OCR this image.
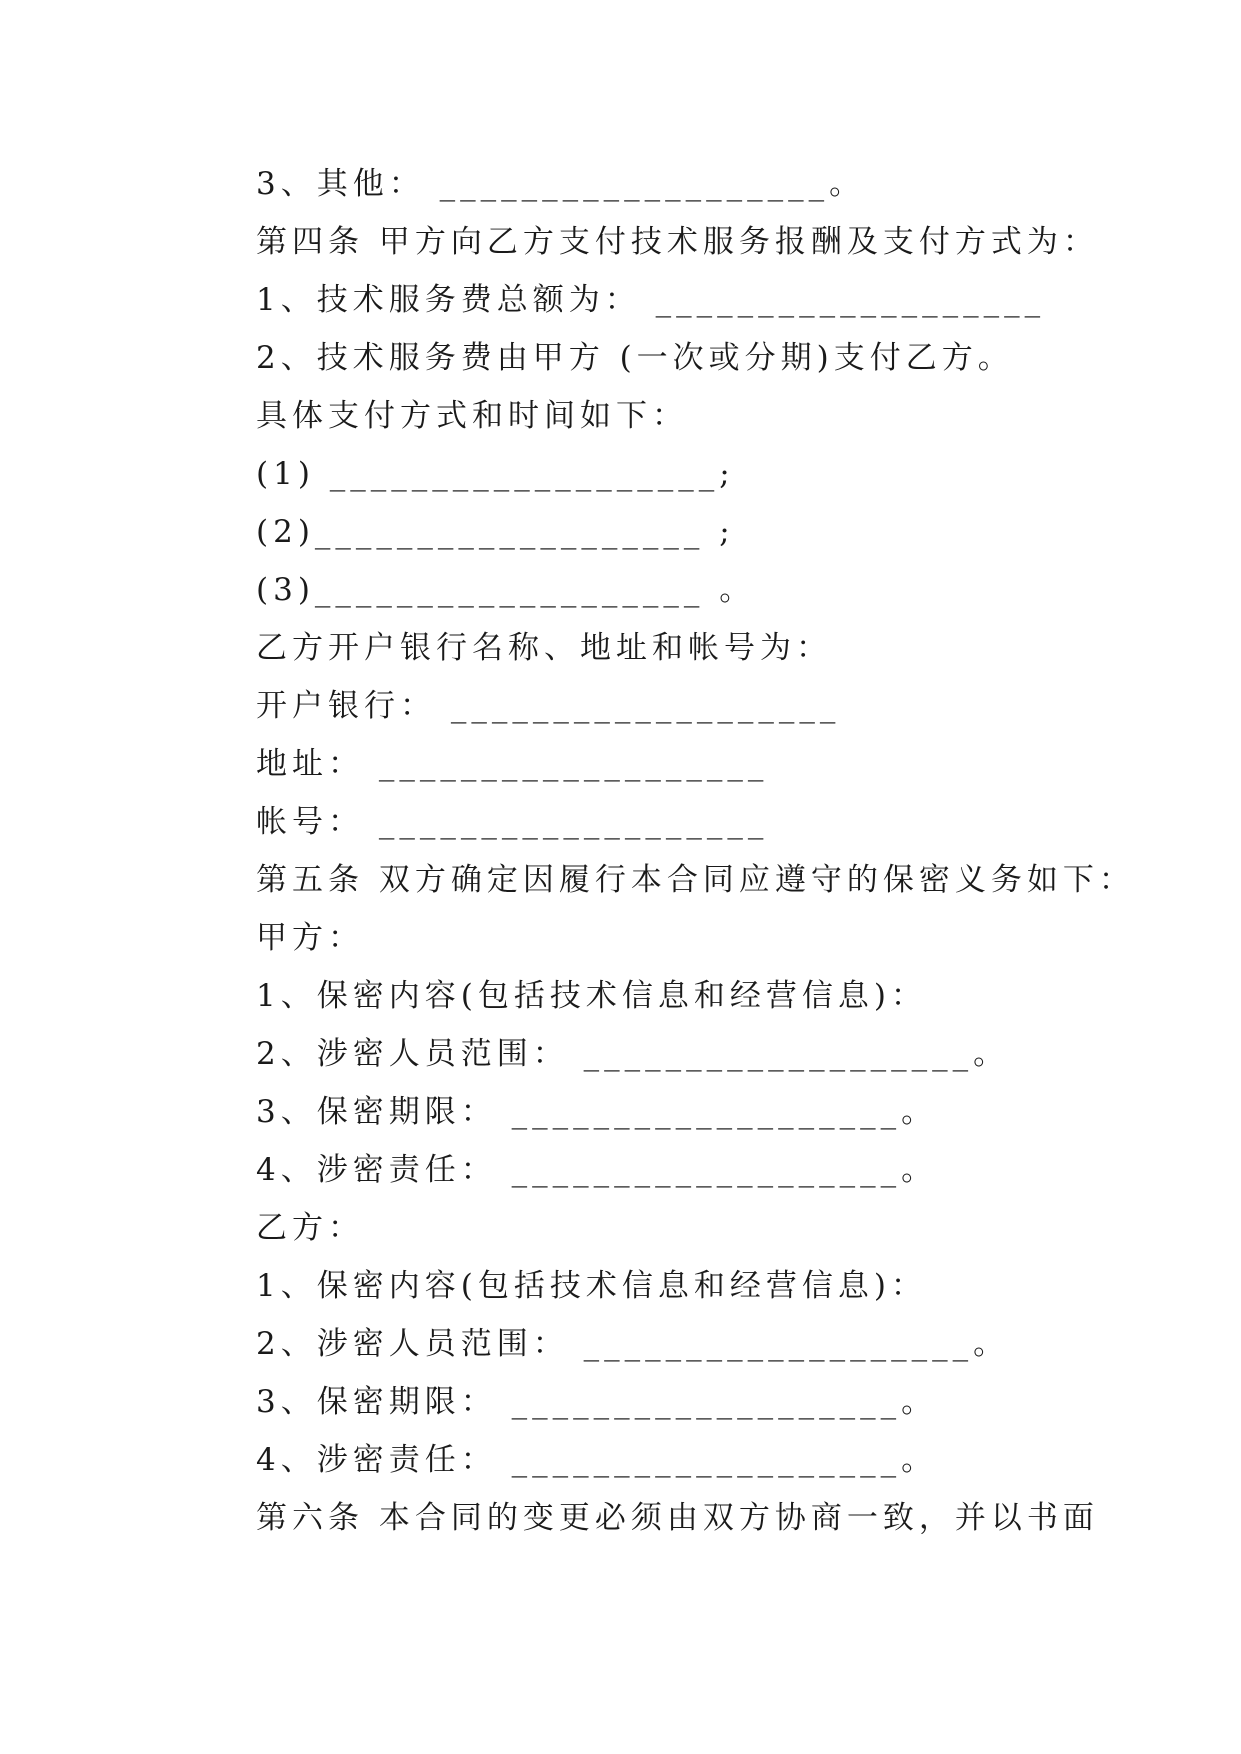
3、其他： ___________________。
第四条 甲方向乙方支付技术服务报酬及支付方式为：
1、技术服务费总额为： ___________________
2、技术服务费由甲方 (一次或分期)支付乙方。
具体支付方式和时间如下：
(1) ___________________;
(2)___________________ ;
(3)___________________ 。
乙方开户银行名称、地址和帐号为：
开户银行： ___________________
地址： ___________________
帐号： ___________________
第五条 双方确定因履行本合同应遵守的保密义务如下：
甲方：
1、保密内容(包括技术信息和经营信息)：
2、涉密人员范围： ___________________。
3、保密期限： ___________________。
4、涉密责任： ___________________。
乙方：
1、保密内容(包括技术信息和经营信息)：
2、涉密人员范围： ___________________。
3、保密期限： ___________________。
4、涉密责任： ___________________。
第六条 本合同的变更必须由双方协商一致，并以书面
